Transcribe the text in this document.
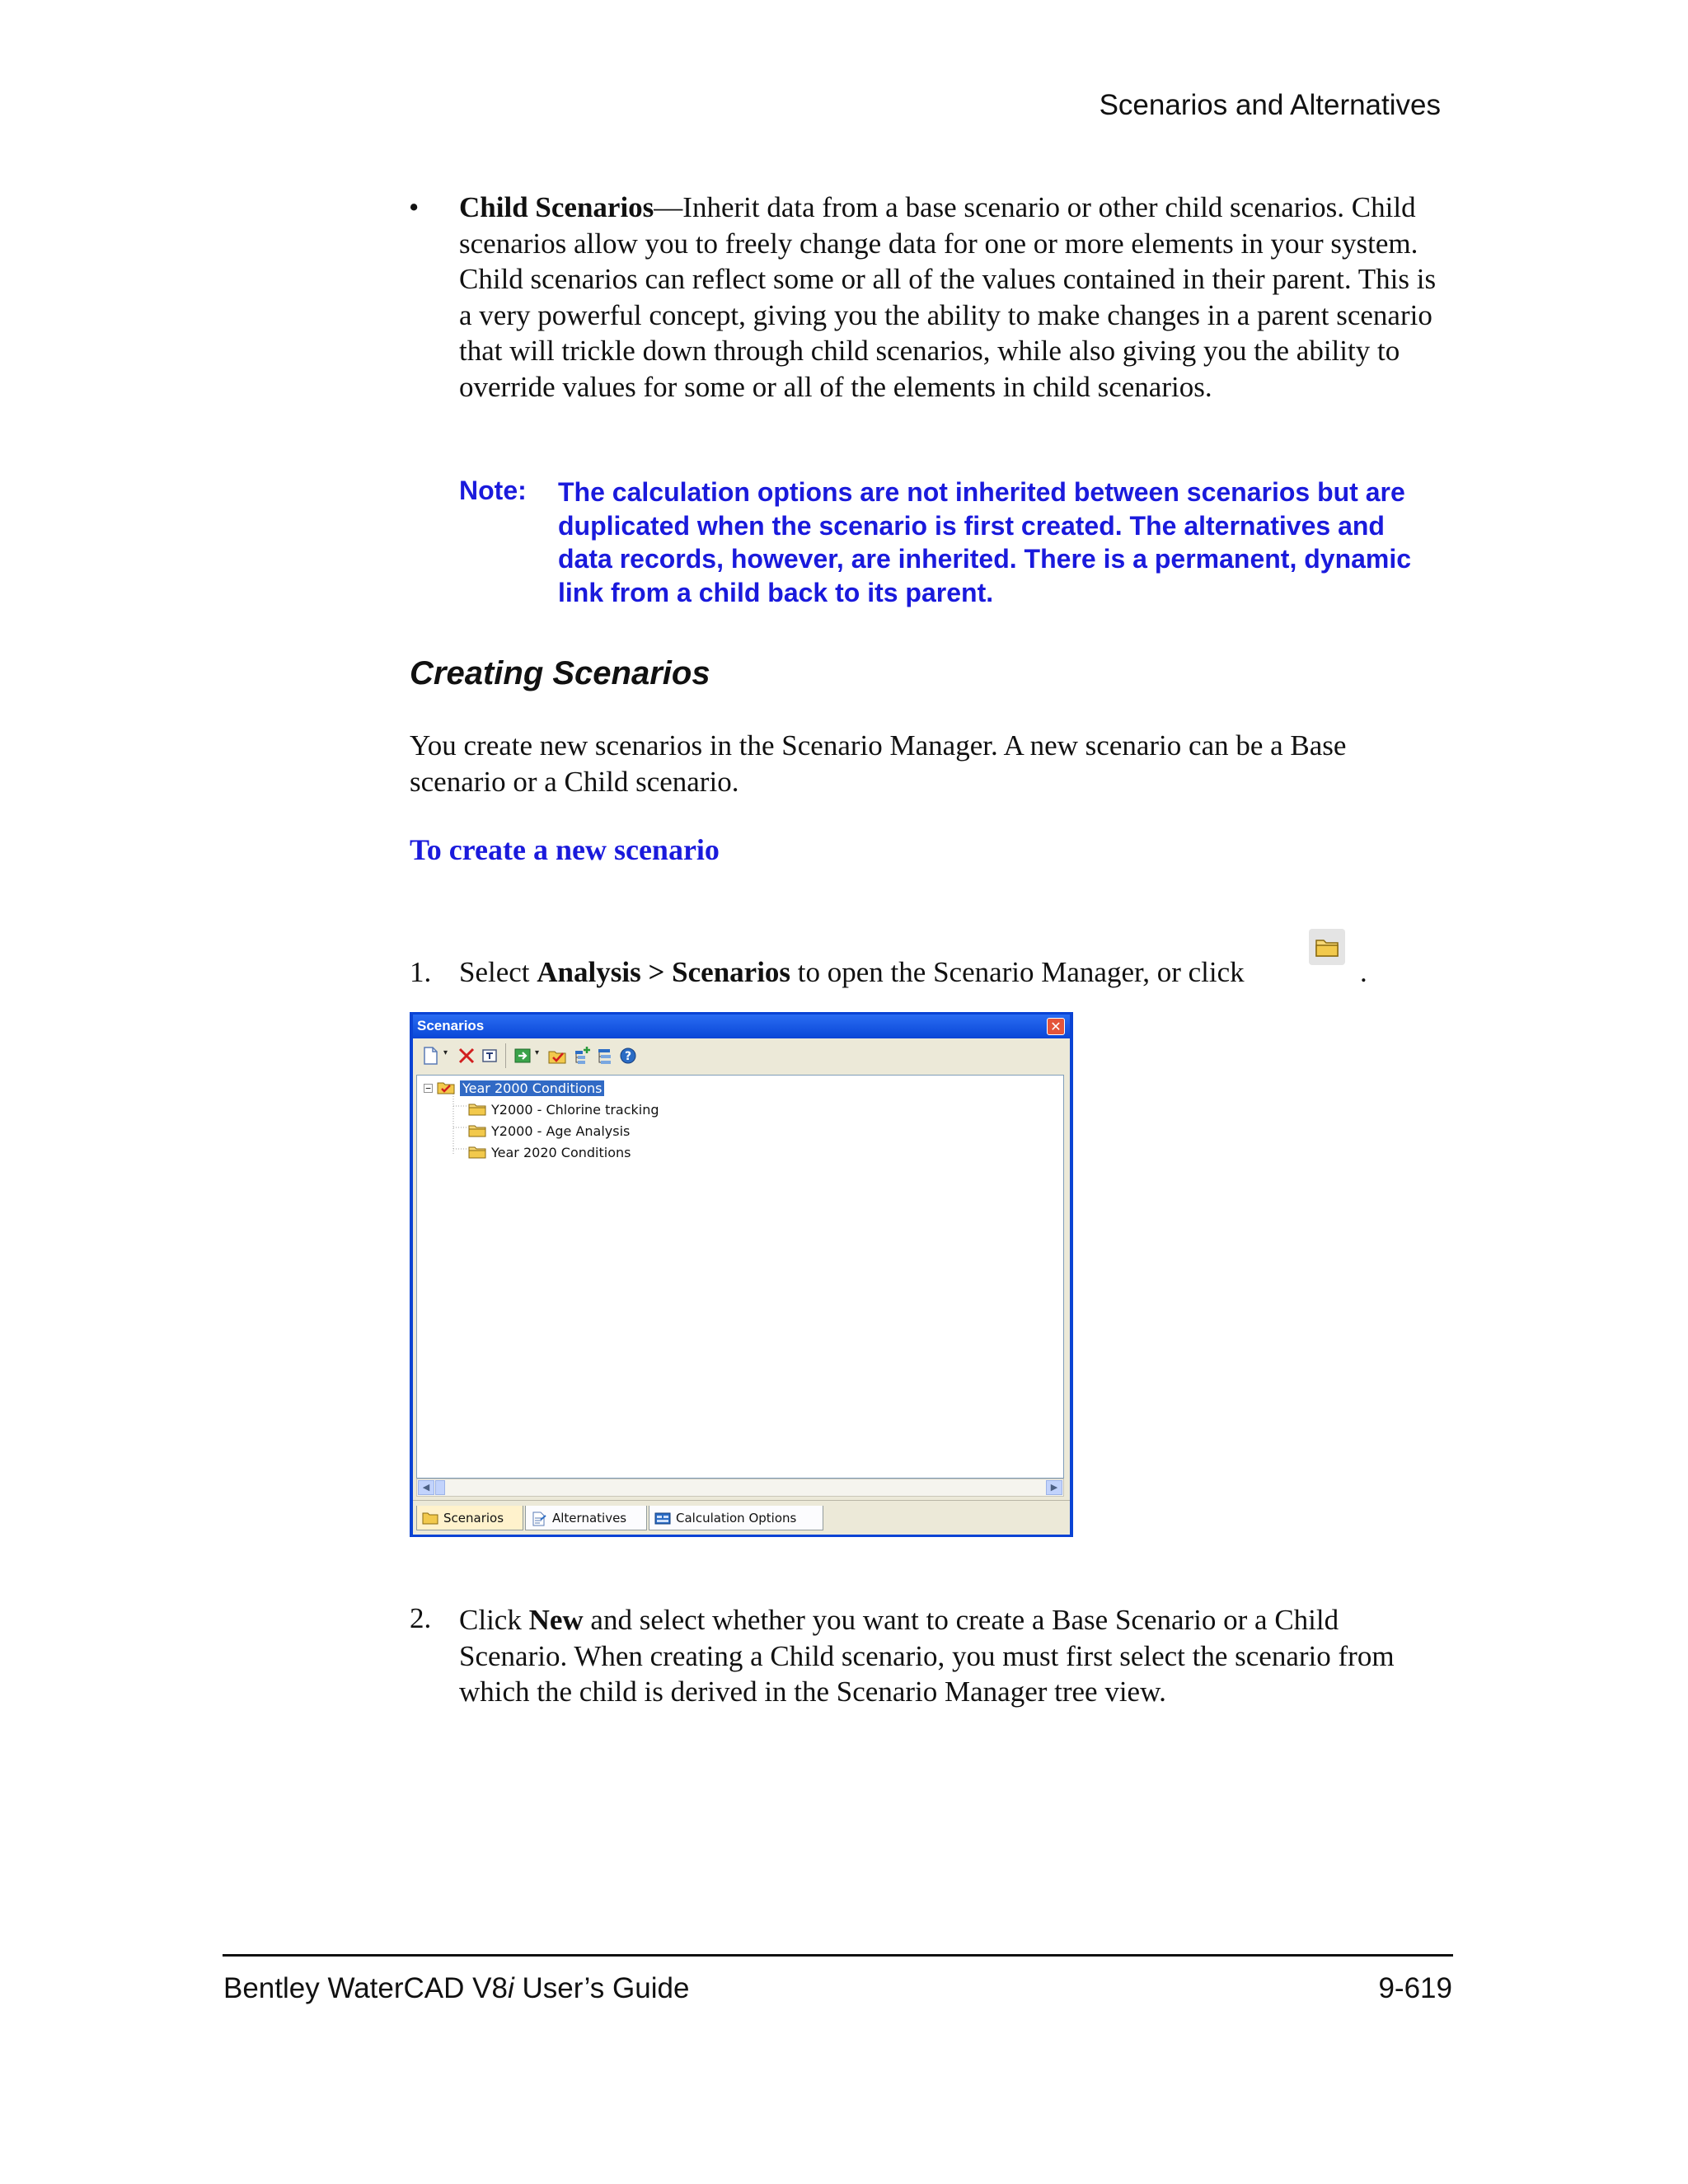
Scenarios and Alternatives
• Child Scenarios—Inherit data from a base scenario or other child scenarios. Child scenarios allow you to freely change data for one or more elements in your system. Child scenarios can reflect some or all of the values contained in their parent. This is a very powerful concept, giving you the ability to make changes in a parent scenario that will trickle down through child scenarios, while also giving you the ability to override values for some or all of the elements in child scenarios.
Note: The calculation options are not inherited between scenarios but are duplicated when the scenario is first created. The alternatives and data records, however, are inherited. There is a permanent, dynamic link from a child back to its parent.
Creating Scenarios
You create new scenarios in the Scenario Manager. A new scenario can be a Base scenario or a Child scenario.
To create a new scenario
1. Select Analysis > Scenarios to open the Scenario Manager, or click	.
Scenarios	✕
▾	▾	?
− Year 2000 Conditions
Y2000 - Chlorine tracking
Y2000 - Age Analysis
Year 2020 Conditions
◀	▶
Scenarios	Alternatives	Calculation Options
2. Click New and select whether you want to create a Base Scenario or a Child Scenario. When creating a Child scenario, you must first select the scenario from which the child is derived in the Scenario Manager tree view.
Bentley WaterCAD V8i User’s Guide	9-619
